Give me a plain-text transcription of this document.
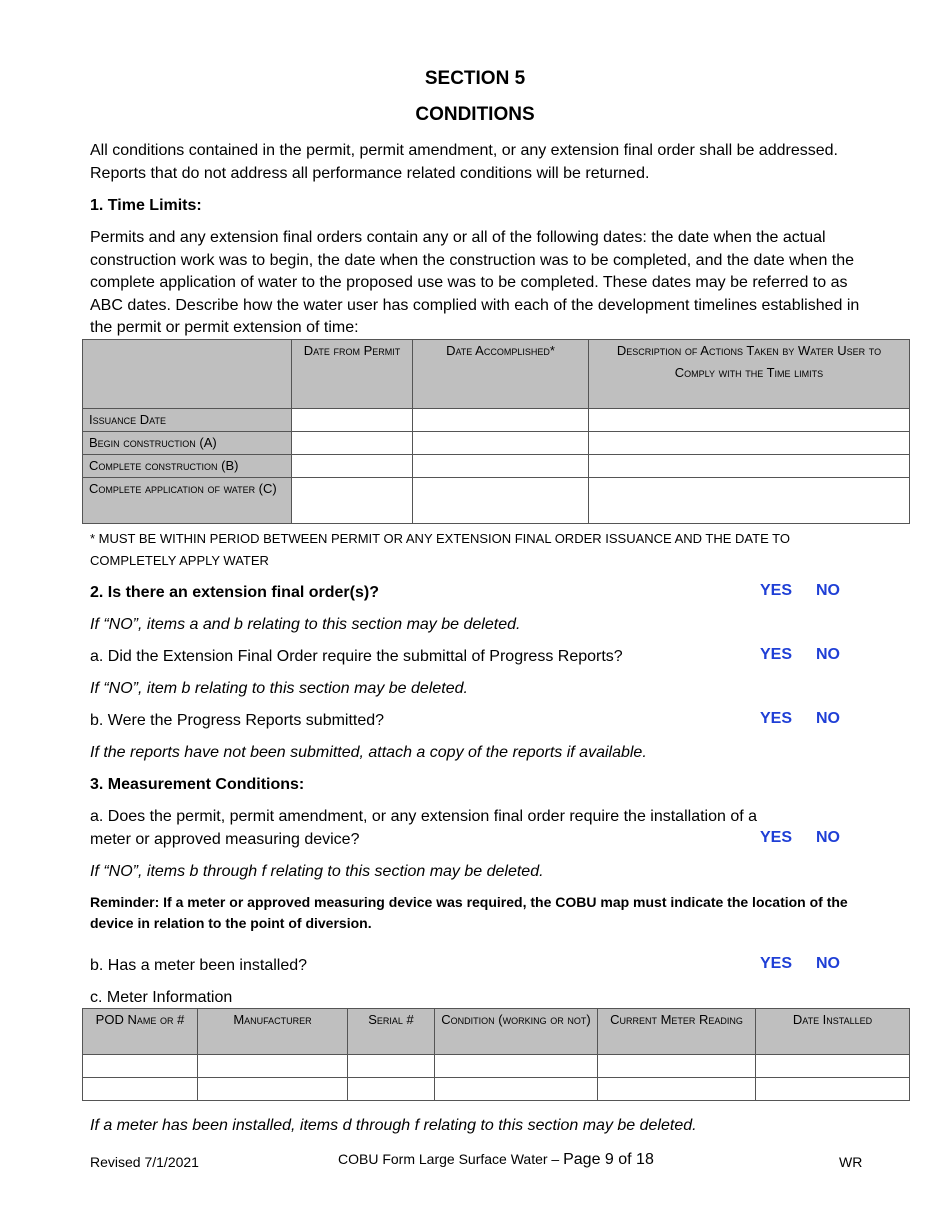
SECTION 5
CONDITIONS
All conditions contained in the permit, permit amendment, or any extension final order shall be addressed. Reports that do not address all performance related conditions will be returned.
1. Time Limits:
Permits and any extension final orders contain any or all of the following dates: the date when the actual construction work was to begin, the date when the construction was to be completed, and the date when the complete application of water to the proposed use was to be completed. These dates may be referred to as ABC dates. Describe how the water user has complied with each of the development timelines established in the permit or permit extension of time:
	Date from Permit	Date Accomplished*	Description of Actions Taken by Water User to Comply with the Time limits
Issuance Date			
Begin construction (A)			
Complete construction (B)			
Complete application of water (C)			
* MUST BE WITHIN PERIOD BETWEEN PERMIT OR ANY EXTENSION FINAL ORDER ISSUANCE AND THE DATE TO COMPLETELY APPLY WATER
2. Is there an extension final order(s)?	YES NO
If “NO”, items a and b relating to this section may be deleted.
a. Did the Extension Final Order require the submittal of Progress Reports?	YES NO
If “NO”, item b relating to this section may be deleted.
b. Were the Progress Reports submitted?	YES NO
If the reports have not been submitted, attach a copy of the reports if available.
3. Measurement Conditions:
a. Does the permit, permit amendment, or any extension final order require the installation of a
meter or approved measuring device?	YES NO
If “NO”, items b through f relating to this section may be deleted.
Reminder: If a meter or approved measuring device was required, the COBU map must indicate the location of the device in relation to the point of diversion.
b. Has a meter been installed?	YES NO
c. Meter Information
POD Name or #	Manufacturer	Serial #	Condition (working or not)	Current Meter Reading	Date Installed

If a meter has been installed, items d through f relating to this section may be deleted.
Revised 7/1/2021	COBU Form Large Surface Water – Page 9 of 18	WR
